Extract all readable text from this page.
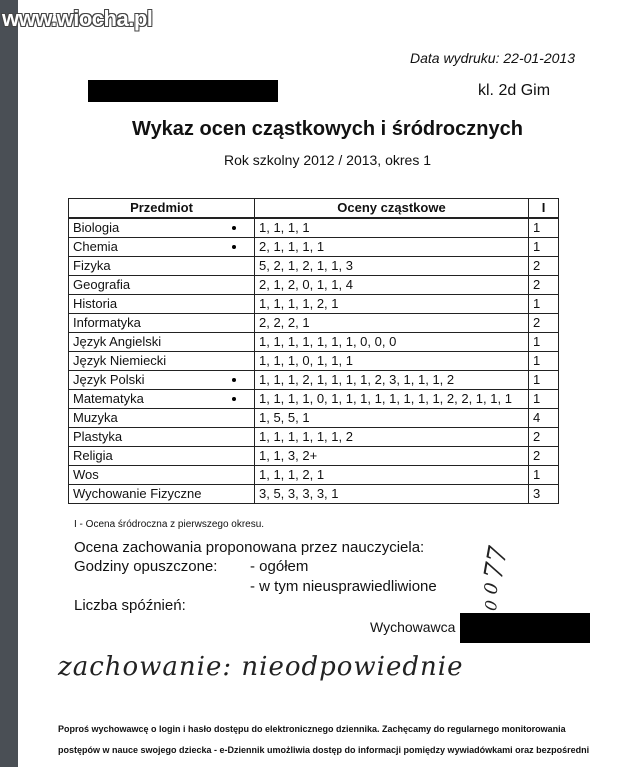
Data wydruku: 22-01-2013
kl. 2d Gim
Wykaz ocen cząstkowych i śródrocznych
Rok szkolny 2012 / 2013, okres 1
Przedmiot	Oceny cząstkowe	I
Biologia	1, 1, 1, 1	1
Chemia	2, 1, 1, 1, 1	1
Fizyka	5, 2, 1, 2, 1, 1, 3	2
Geografia	2, 1, 2, 0, 1, 1, 4	2
Historia	1, 1, 1, 1, 2, 1	1
Informatyka	2, 2, 2, 1	2
Język Angielski	1, 1, 1, 1, 1, 1, 1, 0, 0, 0	1
Język Niemiecki	1, 1, 1, 0, 1, 1, 1	1
Język Polski	1, 1, 1, 2, 1, 1, 1, 1, 2, 3, 1, 1, 1, 2	1
Matematyka	1, 1, 1, 1, 0, 1, 1, 1, 1, 1, 1, 1, 1, 2, 2, 1, 1, 1	1
Muzyka	1, 5, 5, 1	4
Plastyka	1, 1, 1, 1, 1, 1, 2	2
Religia	1, 1, 3, 2+	2
Wos	1, 1, 1, 2, 1	1
Wychowanie Fizyczne	3, 5, 3, 3, 3, 1	3
I - Ocena śródroczna z pierwszego okresu.
Ocena zachowania proponowana przez nauczyciela:
Godziny opuszczone: - ogółem
- w tym nieusprawiedliwione
77
0
Liczba spóźnień:	0
Wychowawca
zachowanie: nieodpowiednie
Poproś wychowawcę o login i hasło dostępu do elektronicznego dziennika. Zachęcamy do regularnego monitorowania
postępów w nauce swojego dziecka - e-Dziennik umożliwia dostęp do informacji pomiędzy wywiadówkami oraz bezpośredni
www.wiocha.pl
